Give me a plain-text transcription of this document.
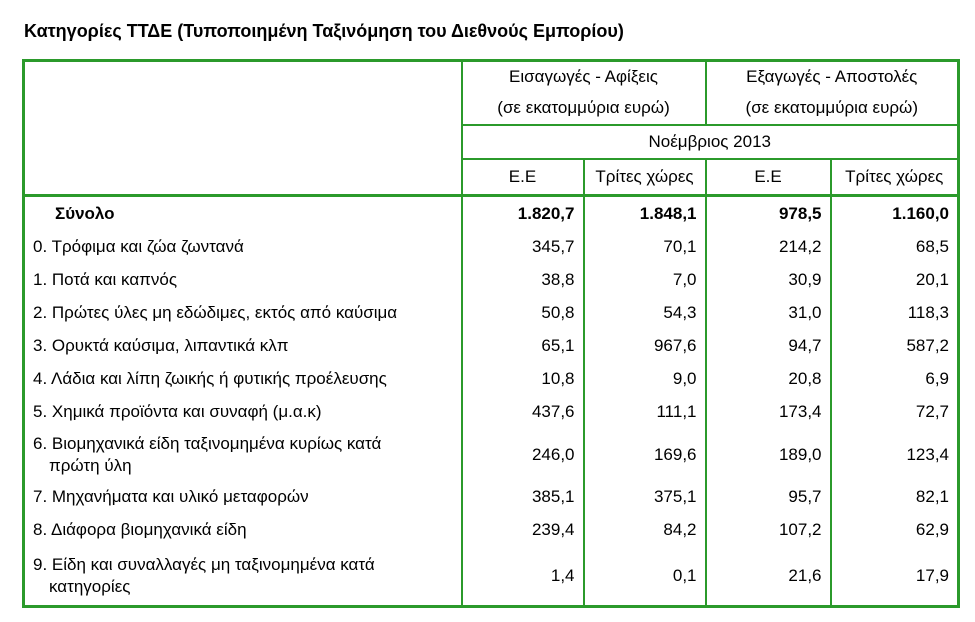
Κατηγορίες ΤΤΔΕ (Τυποποιημένη Ταξινόμηση του Διεθνούς Εμπορίου)
	Εισαγωγές - Αφίξεις		Εξαγωγές - Αποστολές	
	(σε εκατομμύρια ευρώ)		(σε εκατομμύρια ευρώ)	
	Νοέμβριος 2013			
	Ε.Ε	Τρίτες χώρες	Ε.Ε	Τρίτες χώρες
Σύνολο	1.820,7	1.848,1	978,5	1.160,0
0. Τρόφιμα και ζώα ζωντανά	345,7	70,1	214,2	68,5
1. Ποτά και καπνός	38,8	7,0	30,9	20,1
2. Πρώτες ύλες μη εδώδιμες, εκτός από καύσιμα	50,8	54,3	31,0	118,3
3. Ορυκτά καύσιμα, λιπαντικά κλπ	65,1	967,6	94,7	587,2
4. Λάδια και λίπη ζωικής ή φυτικής προέλευσης	10,8	9,0	20,8	6,9
5. Χημικά προϊόντα και συναφή (μ.α.κ)	437,6	111,1	173,4	72,7

6. Βιομηχανικά είδη ταξινομημένα κυρίως κατά
πρώτη ύλη	246,0	169,6	189,0	123,4
7. Μηχανήματα και υλικό μεταφορών	385,1	375,1	95,7	82,1
8. Διάφορα βιομηχανικά είδη	239,4	84,2	107,2	62,9

9. Είδη και συναλλαγές μη ταξινομημένα κατά
κατηγορίες	1,4	0,1	21,6	17,9
